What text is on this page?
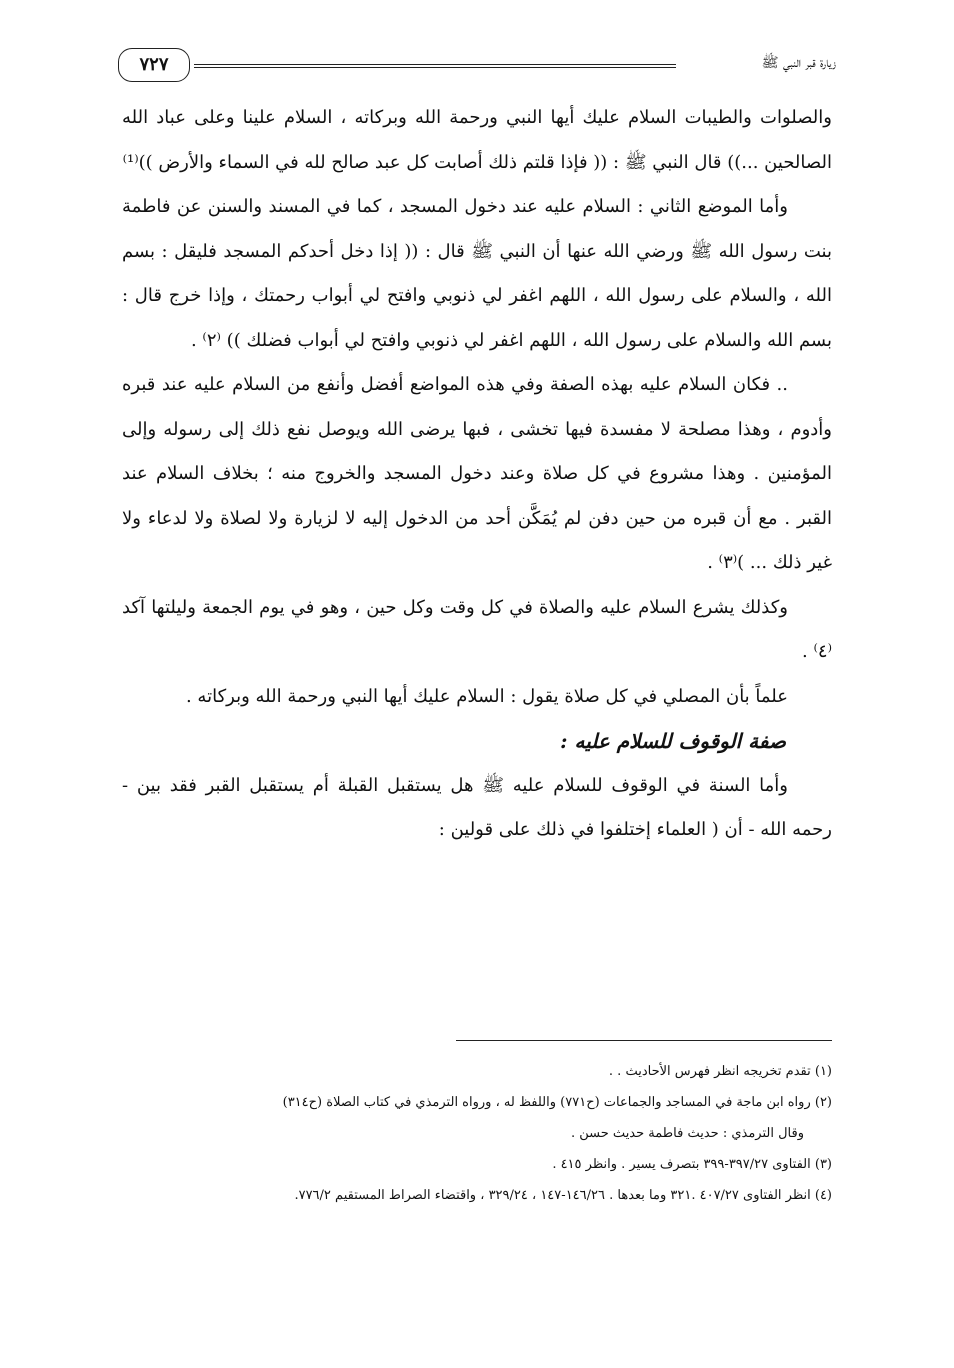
٧٢٧	زيارة قبر النبي ﷺ

والصلوات والطيبات السلام عليك أيها النبي ورحمة الله وبركاته ، السلام علينا وعلى عباد الله الصالحين ...)) قال النبي ﷺ : (( فإذا قلتم ذلك أصابت كل عبد صالح لله في السماء والأرض ))⁽¹⁾

وأما الموضع الثاني : السلام عليه عند دخول المسجد ، كما في المسند والسنن عن فاطمة بنت رسول الله ﷺ ورضي الله عنها أن النبي ﷺ قال : (( إذا دخل أحدكم المسجد فليقل : بسم الله ، والسلام على رسول الله ، اللهم اغفر لي ذنوبي وافتح لي أبواب رحمتك ، وإذا خرج قال : بسم الله والسلام على رسول الله ، اللهم اغفر لي ذنوبي وافتح لي أبواب فضلك )) ⁽٢⁾ .

.. فكان السلام عليه بهذه الصفة وفي هذه المواضع أفضل وأنفع من السلام عليه عند قبره وأدوم ، وهذا مصلحة لا مفسدة فيها تخشى ، فبها يرضى الله ويوصل نفع ذلك إلى رسوله وإلى المؤمنين . وهذا مشروع في كل صلاة وعند دخول المسجد والخروج منه ؛ بخلاف السلام عند القبر . مع أن قبره من حين دفن لم يُمَكَّن أحد من الدخول إليه لا لزيارة ولا لصلاة ولا لدعاء ولا غير ذلك ... )⁽٣⁾ .

وكذلك يشرع السلام عليه والصلاة في كل وقت وكل حين ، وهو في يوم الجمعة وليلتها آكد ⁽٤⁾ .

علماً بأن المصلي في كل صلاة يقول : السلام عليك أيها النبي ورحمة الله وبركاته .

صفة الوقوف للسلام عليه :

وأما السنة في الوقوف للسلام عليه ﷺ هل يستقبل القبلة أم يستقبل القبر فقد بين - رحمه الله - أن ( العلماء إختلفوا في ذلك على قولين :

(١) تقدم تخريجه انظر فهرس الأحاديث . .

(٢) رواه ابن ماجة في المساجد والجماعات (ح٧٧١) واللفظ له ، ورواه الترمذي في كتاب الصلاة (ح٣١٤)

وقال الترمذي : حديث فاطمة حديث حسن .

(٣) الفتاوى ٣٩٧/٢٧-٣٩٩ بتصرف يسير . وانظر ٤١٥ .

(٤) انظر الفتاوى ٤٠٧/٢٧ .٣٢١ وما بعدها . ١٤٦/٢٦-١٤٧ ، ٣٢٩/٢٤ ، واقتضاء الصراط المستقيم ٧٧٦/٢.
